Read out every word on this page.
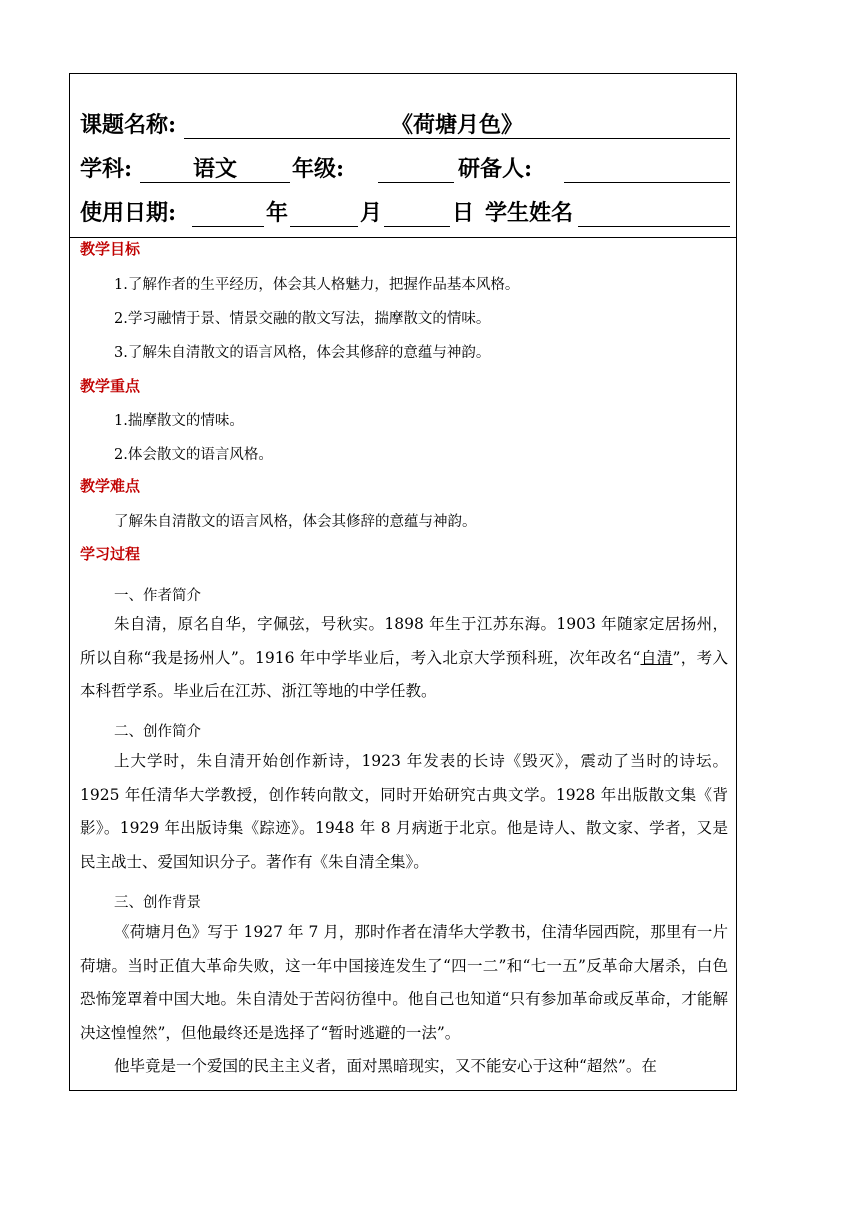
课题名称:	《荷塘月色》
学科:	语文	年级:	研备人:
使用日期:	年	月	日 学生姓名
教学目标
1.了解作者的生平经历，体会其人格魅力，把握作品基本风格。
2.学习融情于景、情景交融的散文写法，揣摩散文的情味。
3.了解朱自清散文的语言风格，体会其修辞的意蕴与神韵。
教学重点
1.揣摩散文的情味。
2.体会散文的语言风格。
教学难点
了解朱自清散文的语言风格，体会其修辞的意蕴与神韵。
学习过程
一、作者简介
朱自清，原名自华，字佩弦，号秋实。1898 年生于江苏东海。1903 年随家定居扬州，所以自称“我是扬州人”。1916 年中学毕业后，考入北京大学预科班，次年改名“自清”，考入本科哲学系。毕业后在江苏、浙江等地的中学任教。
二、创作简介
上大学时，朱自清开始创作新诗，1923 年发表的长诗《毁灭》，震动了当时的诗坛。1925 年任清华大学教授，创作转向散文，同时开始研究古典文学。1928 年出版散文集《背影》。1929 年出版诗集《踪迹》。1948 年 8 月病逝于北京。他是诗人、散文家、学者，又是民主战士、爱国知识分子。著作有《朱自清全集》。
三、创作背景
《荷塘月色》写于 1927 年 7 月，那时作者在清华大学教书，住清华园西院，那里有一片荷塘。当时正值大革命失败，这一年中国接连发生了“四一二”和“七一五”反革命大屠杀，白色恐怖笼罩着中国大地。朱自清处于苦闷彷徨中。他自己也知道“只有参加革命或反革命，才能解决这惶惶然”，但他最终还是选择了“暂时逃避的一法”。
他毕竟是一个爱国的民主主义者，面对黑暗现实，又不能安心于这种“超然”。在
